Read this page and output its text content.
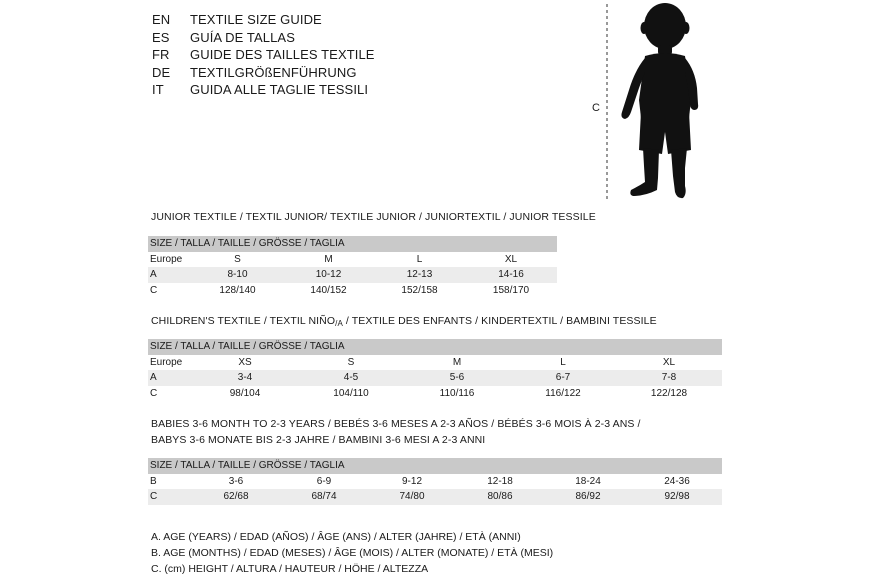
EN	TEXTILE SIZE GUIDE
ES	GUÍA DE TALLAS
FR	GUIDE DES TAILLES TEXTILE
DE	TEXTILGRÖßENFÜHRUNG
IT	GUIDA ALLE TAGLIE TESSILI
C
JUNIOR TEXTILE / TEXTIL JUNIOR/ TEXTILE JUNIOR / JUNIORTEXTIL / JUNIOR TESSILE
SIZE / TALLA / TAILLE / GRÖSSE / TAGLIA				
Europe	S	M	L	XL
A	8-10	10-12	12-13	14-16
C	128/140	140/152	152/158	158/170
CHILDREN'S TEXTILE / TEXTIL NIÑO/A / TEXTILE DES ENFANTS / KINDERTEXTIL / BAMBINI TESSILE
SIZE / TALLA / TAILLE / GRÖSSE / TAGLIA					
Europe	XS	S	M	L	XL
A	3-4	4-5	5-6	6-7	7-8
C	98/104	104/110	110/116	116/122	122/128
BABIES 3-6 MONTH TO 2-3 YEARS / BEBÉS 3-6 MESES A 2-3 AÑOS / BÉBÉS 3-6 MOIS À 2-3 ANS /
BABYS 3-6 MONATE BIS 2-3 JAHRE / BAMBINI 3-6 MESI A 2-3 ANNI
SIZE / TALLA / TAILLE / GRÖSSE / TAGLIA						
B	3-6	6-9	9-12	12-18	18-24	24-36
C	62/68	68/74	74/80	80/86	86/92	92/98
A. AGE (YEARS) / EDAD (AÑOS) / ÂGE (ANS) / ALTER (JAHRE) / ETÀ (ANNI)
B. AGE (MONTHS) / EDAD (MESES) / ÂGE (MOIS) / ALTER (MONATE) / ETÀ (MESI)
C. (cm) HEIGHT / ALTURA / HAUTEUR / HÖHE / ALTEZZA
